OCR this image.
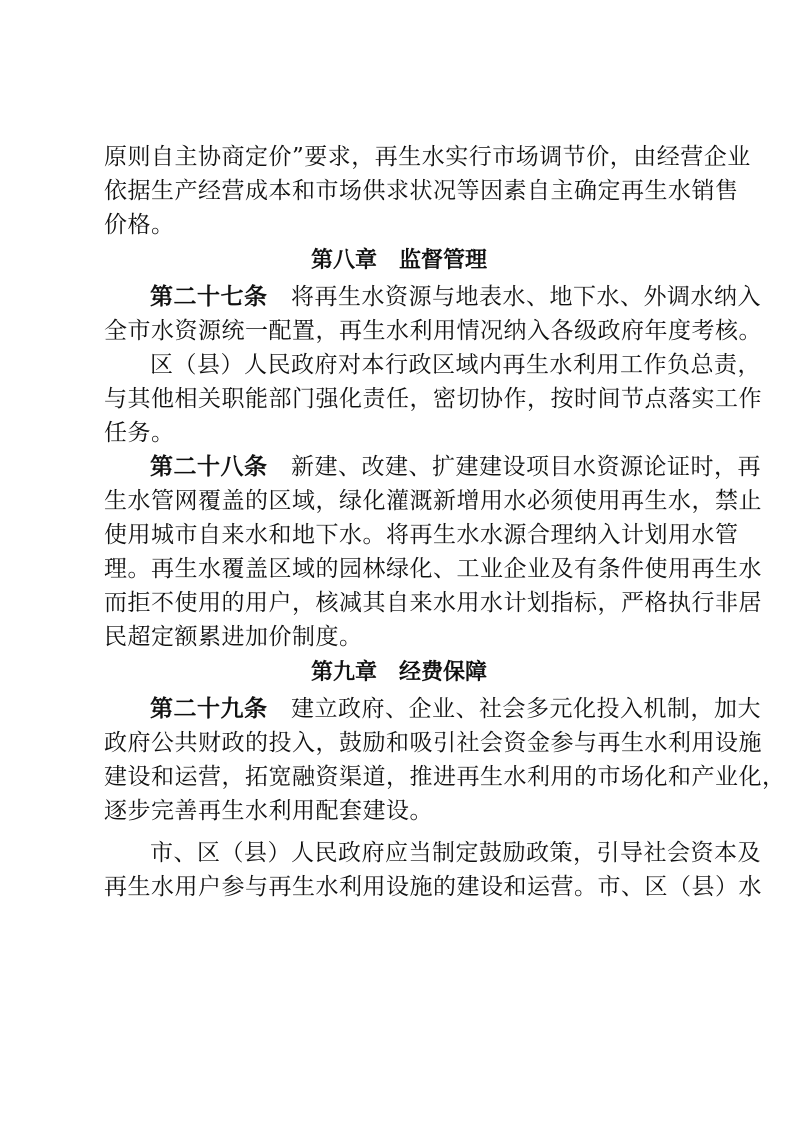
原则自主协商定价”要求，再生水实行市场调节价，由经营企业
依据生产经营成本和市场供求状况等因素自主确定再生水销售
价格。
第八章　监督管理
第二十七条　将再生水资源与地表水、地下水、外调水纳入
全市水资源统一配置，再生水利用情况纳入各级政府年度考核。
区（县）人民政府对本行政区域内再生水利用工作负总责，
与其他相关职能部门强化责任，密切协作，按时间节点落实工作
任务。
第二十八条　新建、改建、扩建建设项目水资源论证时，再
生水管网覆盖的区域，绿化灌溉新增用水必须使用再生水，禁止
使用城市自来水和地下水。将再生水水源合理纳入计划用水管
理。再生水覆盖区域的园林绿化、工业企业及有条件使用再生水
而拒不使用的用户，核减其自来水用水计划指标，严格执行非居
民超定额累进加价制度。
第九章　经费保障
第二十九条　建立政府、企业、社会多元化投入机制，加大
政府公共财政的投入，鼓励和吸引社会资金参与再生水利用设施
建设和运营，拓宽融资渠道，推进再生水利用的市场化和产业化，
逐步完善再生水利用配套建设。
市、区（县）人民政府应当制定鼓励政策，引导社会资本及
再生水用户参与再生水利用设施的建设和运营。市、区（县）水
